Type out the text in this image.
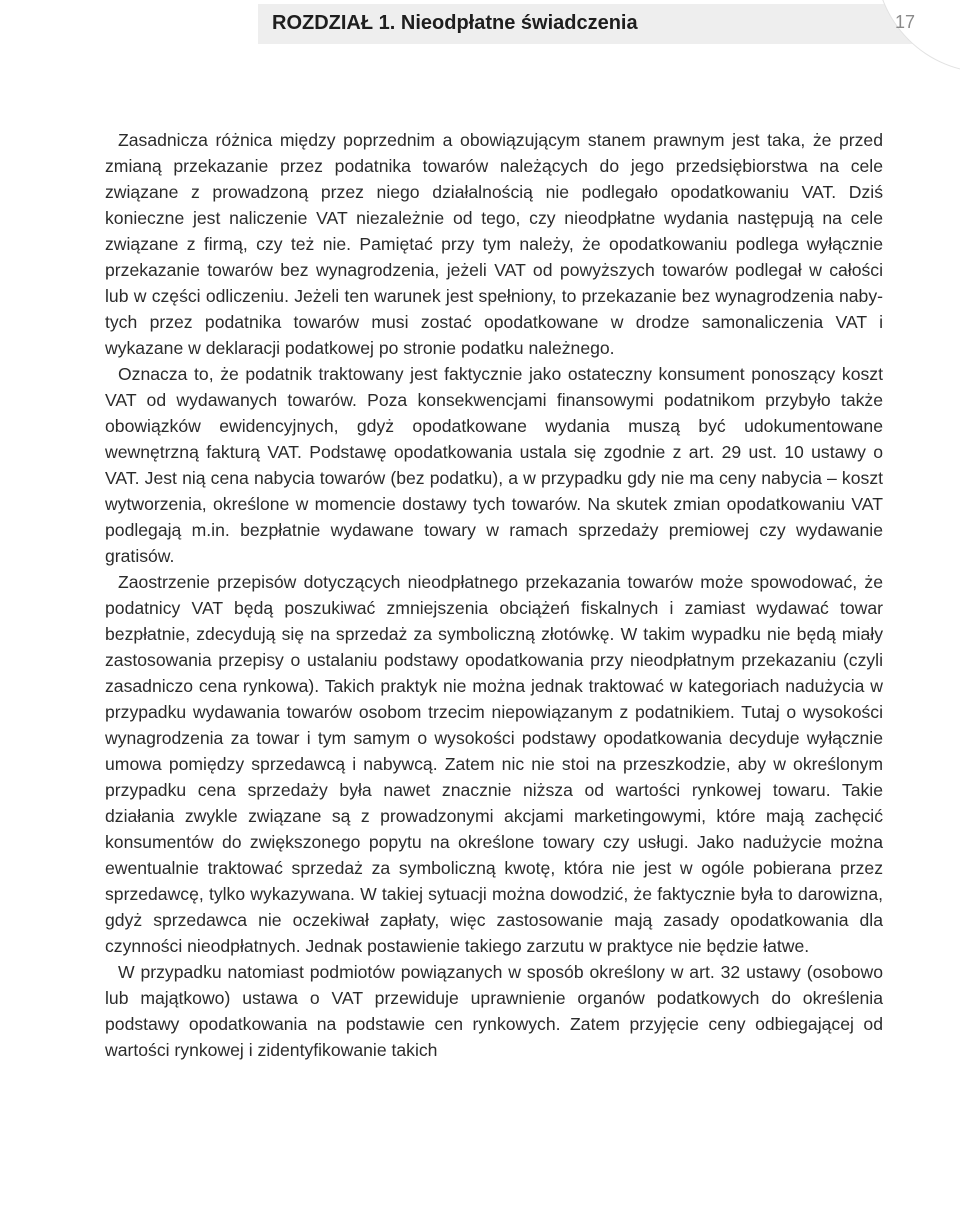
ROZDZIAŁ 1. Nieodpłatne świadczenia	17

Zasadnicza różnica między poprzednim a obowiązującym stanem prawnym jest taka, że przed zmianą przekazanie przez podatnika towarów należących do jego przedsiębiorstwa na cele związane z prowadzoną przez niego działalnością nie podlegało opodatkowaniu VAT. Dziś konieczne jest naliczenie VAT niezależnie od tego, czy nieodpłatne wydania następują na cele związane z firmą, czy też nie. Pamiętać przy tym należy, że opodatkowaniu podlega wyłącznie przekazanie towarów bez wynagrodzenia, jeżeli VAT od powyższych towarów podlegał w całości lub w części odliczeniu. Jeżeli ten warunek jest spełniony, to przekazanie bez wynagrodzenia nabytych przez podatnika towarów musi zostać opodatkowane w drodze samonaliczenia VAT i wykazane w deklaracji podatkowej po stronie podatku należnego.

Oznacza to, że podatnik traktowany jest faktycznie jako ostateczny konsument ponoszący koszt VAT od wydawanych towarów. Poza konsekwencjami finansowymi podatnikom przybyło także obowiązków ewidencyjnych, gdyż opodatkowane wydania muszą być udokumentowane wewnętrzną fakturą VAT. Podstawę opodatkowania ustala się zgodnie z art. 29 ust. 10 ustawy o VAT. Jest nią cena nabycia towarów (bez podatku), a w przypadku gdy nie ma ceny nabycia – koszt wytworzenia, określone w momencie dostawy tych towarów. Na skutek zmian opodatkowaniu VAT podlegają m.in. bezpłatnie wydawane towary w ramach sprzedaży premiowej czy wydawanie gratisów.

Zaostrzenie przepisów dotyczących nieodpłatnego przekazania towarów może spowodować, że podatnicy VAT będą poszukiwać zmniejszenia obciążeń fiskalnych i zamiast wydawać towar bezpłatnie, zdecydują się na sprzedaż za symboliczną złotówkę. W takim wypadku nie będą miały zastosowania przepisy o ustalaniu podstawy opodatkowania przy nieodpłatnym przekazaniu (czyli zasadniczo cena rynkowa). Takich praktyk nie można jednak traktować w kategoriach nadużycia w przypadku wydawania towarów osobom trzecim niepowiązanym z podatnikiem. Tutaj o wysokości wynagrodzenia za towar i tym samym o wysokości podstawy opodatkowania decyduje wyłącznie umowa pomiędzy sprzedawcą i nabywcą. Zatem nic nie stoi na przeszkodzie, aby w określonym przypadku cena sprzedaży była nawet znacznie niższa od wartości rynkowej towaru. Takie działania zwykle związane są z prowadzonymi akcjami marketingowymi, które mają zachęcić konsumentów do zwiększonego popytu na określone towary czy usługi. Jako nadużycie można ewentualnie traktować sprzedaż za symboliczną kwotę, która nie jest w ogóle pobierana przez sprzedawcę, tylko wykazywana. W takiej sytuacji można dowodzić, że faktycznie była to darowizna, gdyż sprzedawca nie oczekiwał zapłaty, więc zastosowanie mają zasady opodatkowania dla czynności nieodpłatnych. Jednak postawienie takiego zarzutu w praktyce nie będzie łatwe.

W przypadku natomiast podmiotów powiązanych w sposób określony w art. 32 ustawy (osobowo lub majątkowo) ustawa o VAT przewiduje uprawnienie organów podatkowych do określenia podstawy opodatkowania na podstawie cen rynkowych. Zatem przyjęcie ceny odbiegającej od wartości rynkowej i zidentyfikowanie takich
